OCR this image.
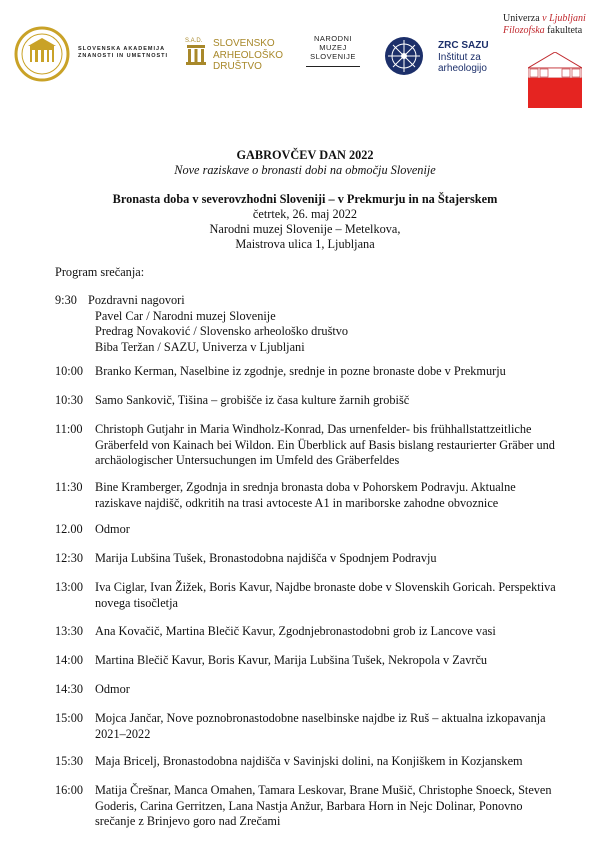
SLOVENSKA AKADEMIJA
ZNANOSTI IN UMETNOSTI
S.A.D. SLOVENSKO
ARHEOLOŠKO
DRUŠTVO
NARODNI
MUZEJ
SLOVENIJE
ZRC SAZU
Inštitut za
arheologijo
Univerza v Ljubljani
Filozofska fakulteta
GABROVČEV DAN 2022
Nove raziskave o bronasti dobi na območju Slovenije
Bronasta doba v severovzhodni Sloveniji – v Prekmurju in na Štajerskem
četrtek, 26. maj 2022
Narodni muzej Slovenije – Metelkova,
Maistrova ulica 1, Ljubljana
Program srečanja:
9:30 Pozdravni nagovori
Pavel Car / Narodni muzej Slovenije
Predrag Novaković / Slovensko arheološko društvo
Biba Teržan / SAZU, Univerza v Ljubljani
10:00 Branko Kerman, Naselbine iz zgodnje, srednje in pozne bronaste dobe v Prekmurju
10:30 Samo Sankovič, Tišina – grobišče iz časa kulture žarnih grobišč
11:00 Christoph Gutjahr in Maria Windholz-Konrad, Das urnenfelder- bis frühhallstattzeitliche
Gräberfeld von Kainach bei Wildon. Ein Überblick auf Basis bislang restaurierter Gräber und
archäologischer Untersuchungen im Umfeld des Gräberfeldes
11:30 Bine Kramberger, Zgodnja in srednja bronasta doba v Pohorskem Podravju. Aktualne
raziskave najdišč, odkritih na trasi avtoceste A1 in mariborske zahodne obvoznice
12.00 Odmor
12:30 Marija Lubšina Tušek, Bronastodobna najdišča v Spodnjem Podravju
13:00 Iva Ciglar, Ivan Žižek, Boris Kavur, Najdbe bronaste dobe v Slovenskih Goricah. Perspektiva
novega tisočletja
13:30 Ana Kovačič, Martina Blečič Kavur, Zgodnjebronastodobni grob iz Lancove vasi
14:00 Martina Blečič Kavur, Boris Kavur, Marija Lubšina Tušek, Nekropola v Zavrču
14:30 Odmor
15:00 Mojca Jančar, Nove poznobronastodobne naselbinske najdbe iz Ruš – aktualna izkopavanja
2021–2022
15:30 Maja Bricelj, Bronastodobna najdišča v Savinjski dolini, na Konjiškem in Kozjanskem
16:00 Matija Črešnar, Manca Omahen, Tamara Leskovar, Brane Mušič, Christophe Snoeck, Steven
Goderis, Carina Gerritzen, Lana Nastja Anžur, Barbara Horn in Nejc Dolinar, Ponovno
srečanje z Brinjevo goro nad Zrečami
